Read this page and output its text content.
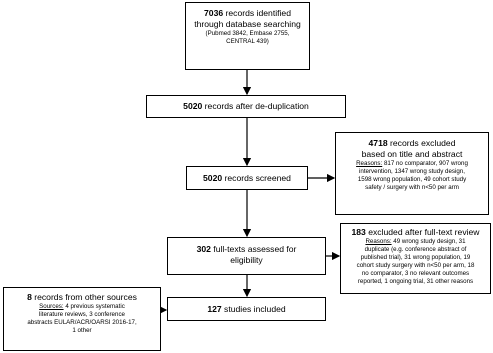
7036 records identified

through database searching

(Pubmed 3842, Embase 2755,

CENTRAL 439)

5020 records after de-duplication
5020 records screened

4718 records excluded

based on title and abstract

Reasons: 817 no comparator, 907 wrong

intervention, 1347 wrong study design,

1598 wrong population, 49 cohort study

safety / surgery with n<50 per arm

302 full-texts assessed for

eligibility

183 excluded after full-text review

Reasons: 49 wrong study design, 31

duplicate (e.g. conference abstract of

published trial), 31 wrong population, 19

cohort study surgery with n<50 per arm, 18

no comparator, 3 no relevant outcomes

reported, 1 ongoing trial, 31 other reasons

8 records from other sources

Sources: 4 previous systematic

literature reviews, 3 conference

abstracts EULAR/ACR/OARSI 2016-17,

1 other

127 studies included
